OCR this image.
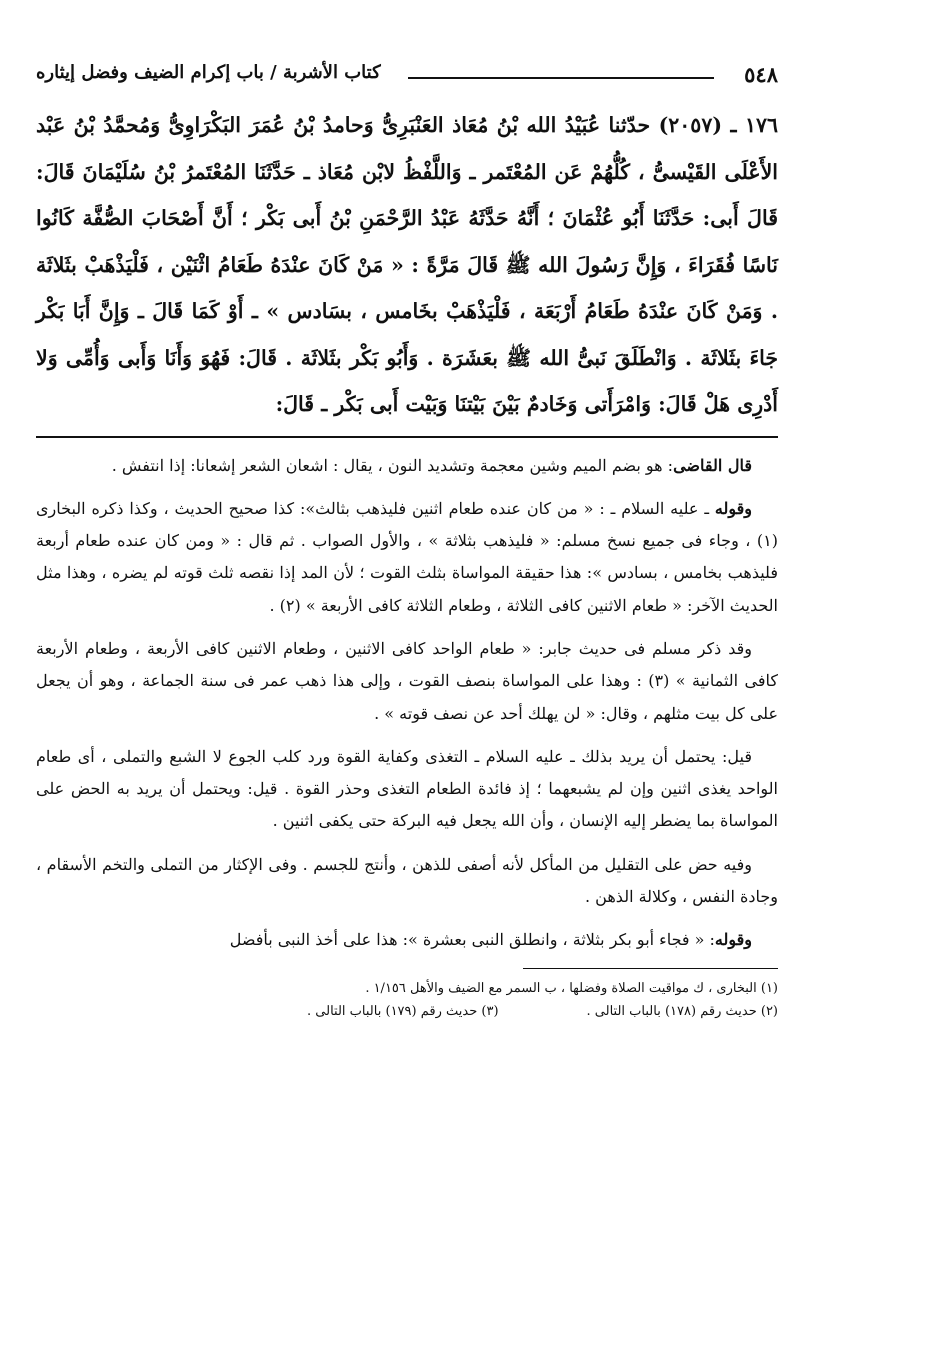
٥٤٨
كتاب الأشربة / باب إكرام الضيف وفضل إيثاره
١٧٦ ـ (٢٠٥٧) حدّثنا عُبَيْدُ الله بْنُ مُعَاذ العَنْبَرِىُّ وَحامدُ بْنُ عُمَرَ البَكْرَاوِىُّ وَمُحمَّدُ بْنُ عَبْد الأَعْلَى القَيْسىُّ ، كُلُّهُمْ عَن المُعْتَمر ـ وَاللَّفْظُ لابْن مُعَاذ ـ حَدَّثَنَا المُعْتَمرُ بْنُ سُلَيْمَانَ قَالَ: قَالَ أَبى: حَدَّثَنَا أَبُو عُثْمَانَ ؛ أَنَّهُ حَدَّثَهُ عَبْدُ الرَّحْمَنِ بْنُ أَبى بَكْر ؛ أَنَّ أَصْحَابَ الصُّفَّة كَانُوا نَاسًا فُقَرَاءَ ، وَإِنَّ رَسُولَ الله ﷺ قَالَ مَرَّةً : « مَنْ كَانَ عنْدَهُ طَعَامُ اثْنَيْن ، فَلْيَذْهَبْ بثَلاثَة . وَمَنْ كَانَ عنْدَهُ طَعَامُ أَرْبَعَة ، فَلْيَذْهَبْ بخَامس ، بسَادس » ـ أَوْ كَمَا قَالَ ـ وَإِنَّ أَبَا بَكْر جَاءَ بثَلاثَة . وَانْطَلَقَ نَبىُّ الله ﷺ بعَشَرَة . وَأَبُو بَكْر بثَلاثَة . قَالَ: فَهُوَ وَأَنَا وَأَبى وَأُمِّى وَلا أَدْرِى هَلْ قَالَ: وَامْرَأَتى وَخَادمٌ بَيْنَ بَيْتنَا وَبَيْت أَبى بَكْر ـ قَالَ:

قال القاضى: هو بضم الميم وشين معجمة وتشديد النون ، يقال : اشعان الشعر إشعانا: إذا انتفش .

وقوله ـ عليه السلام ـ : « من كان عنده طعام اثنين فليذهب بثالث»: كذا صحيح الحديث ، وكذا ذكره البخارى (١) ، وجاء فى جميع نسخ مسلم: « فليذهب بثلاثة » ، والأول الصواب . ثم قال : « ومن كان عنده طعام أربعة فليذهب بخامس ، بسادس »: هذا حقيقة المواساة بثلث القوت ؛ لأن المد إذا نقصه ثلث قوته لم يضره ، وهذا مثل الحديث الآخر: « طعام الاثنين كافى الثلاثة ، وطعام الثلاثة كافى الأربعة » (٢) .

وقد ذكر مسلم فى حديث جابر: « طعام الواحد كافى الاثنين ، وطعام الاثنين كافى الأربعة ، وطعام الأربعة كافى الثمانية » (٣) : وهذا على المواساة بنصف القوت ، وإلى هذا ذهب عمر فى سنة الجماعة ، وهو أن يجعل على كل بيت مثلهم ، وقال: « لن يهلك أحد عن نصف قوته » .

قيل: يحتمل أن يريد بذلك ـ عليه السلام ـ التغذى وكفاية القوة ورد كلب الجوع لا الشبع والتملى ، أى طعام الواحد يغذى اثنين وإن لم يشبعهما ؛ إذ فائدة الطعام التغذى وحذر القوة . قيل: ويحتمل أن يريد به الحض على المواساة بما يضطر إليه الإنسان ، وأن الله يجعل فيه البركة حتى يكفى اثنين .

وفيه حض على التقليل من المأكل لأنه أصفى للذهن ، وأنتج للجسم . وفى الإكثار من التملى والتخم الأسقام ، وجادة النفس ، وكلالة الذهن .

وقوله: « فجاء أبو بكر بثلاثة ، وانطلق النبى بعشرة »: هذا على أخذ النبى بأفضل

(١) البخارى ، ك مواقيت الصلاة وفضلها ، ب السمر مع الضيف والأهل ١/١٥٦ .
(٢) حديث رقم (١٧٨) بالباب التالى .
(٣) حديث رقم (١٧٩) بالباب التالى .
